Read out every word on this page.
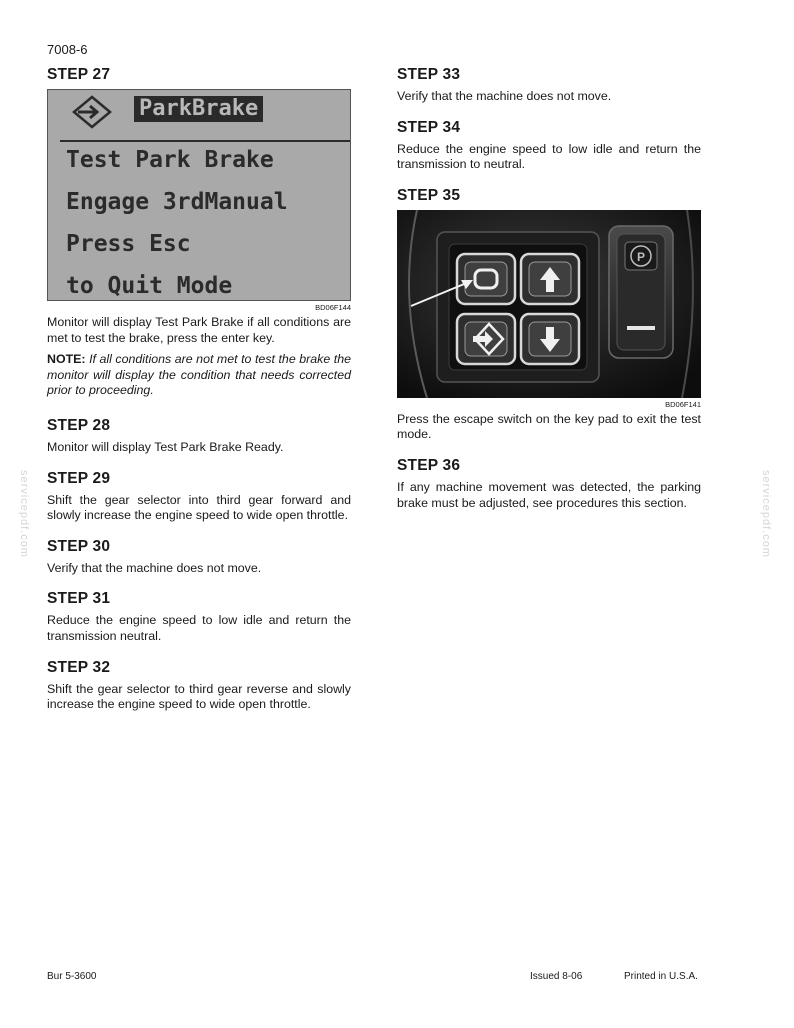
7008-6
servicepdf.com	servicepdf.com
STEP 27
ParkBrake
Test Park Brake
Engage 3rdManual
Press Esc
to Quit Mode
BD06F144

Monitor will display Test Park Brake if all conditions are met to test the brake, press the enter key.

NOTE: If all conditions are not met to test the brake the monitor will display the condition that needs corrected prior to proceeding.

STEP 28

Monitor will display Test Park Brake Ready.

STEP 29

Shift the gear selector into third gear forward and slowly increase the engine speed to wide open throttle.

STEP 30

Verify that the machine does not move.

STEP 31

Reduce the engine speed to low idle and return the transmission neutral.

STEP 32

Shift the gear selector to third gear reverse and slowly increase the engine speed to wide open throttle.

STEP 33

Verify that the machine does not move.

STEP 34

Reduce the engine speed to low idle and return the transmission to neutral.

STEP 35
P
BD06F141

Press the escape switch on the key pad to exit the test mode.

STEP 36

If any machine movement was detected, the parking brake must be adjusted, see procedures this section.

Bur 5-3600	Issued 8-06	Printed in U.S.A.
